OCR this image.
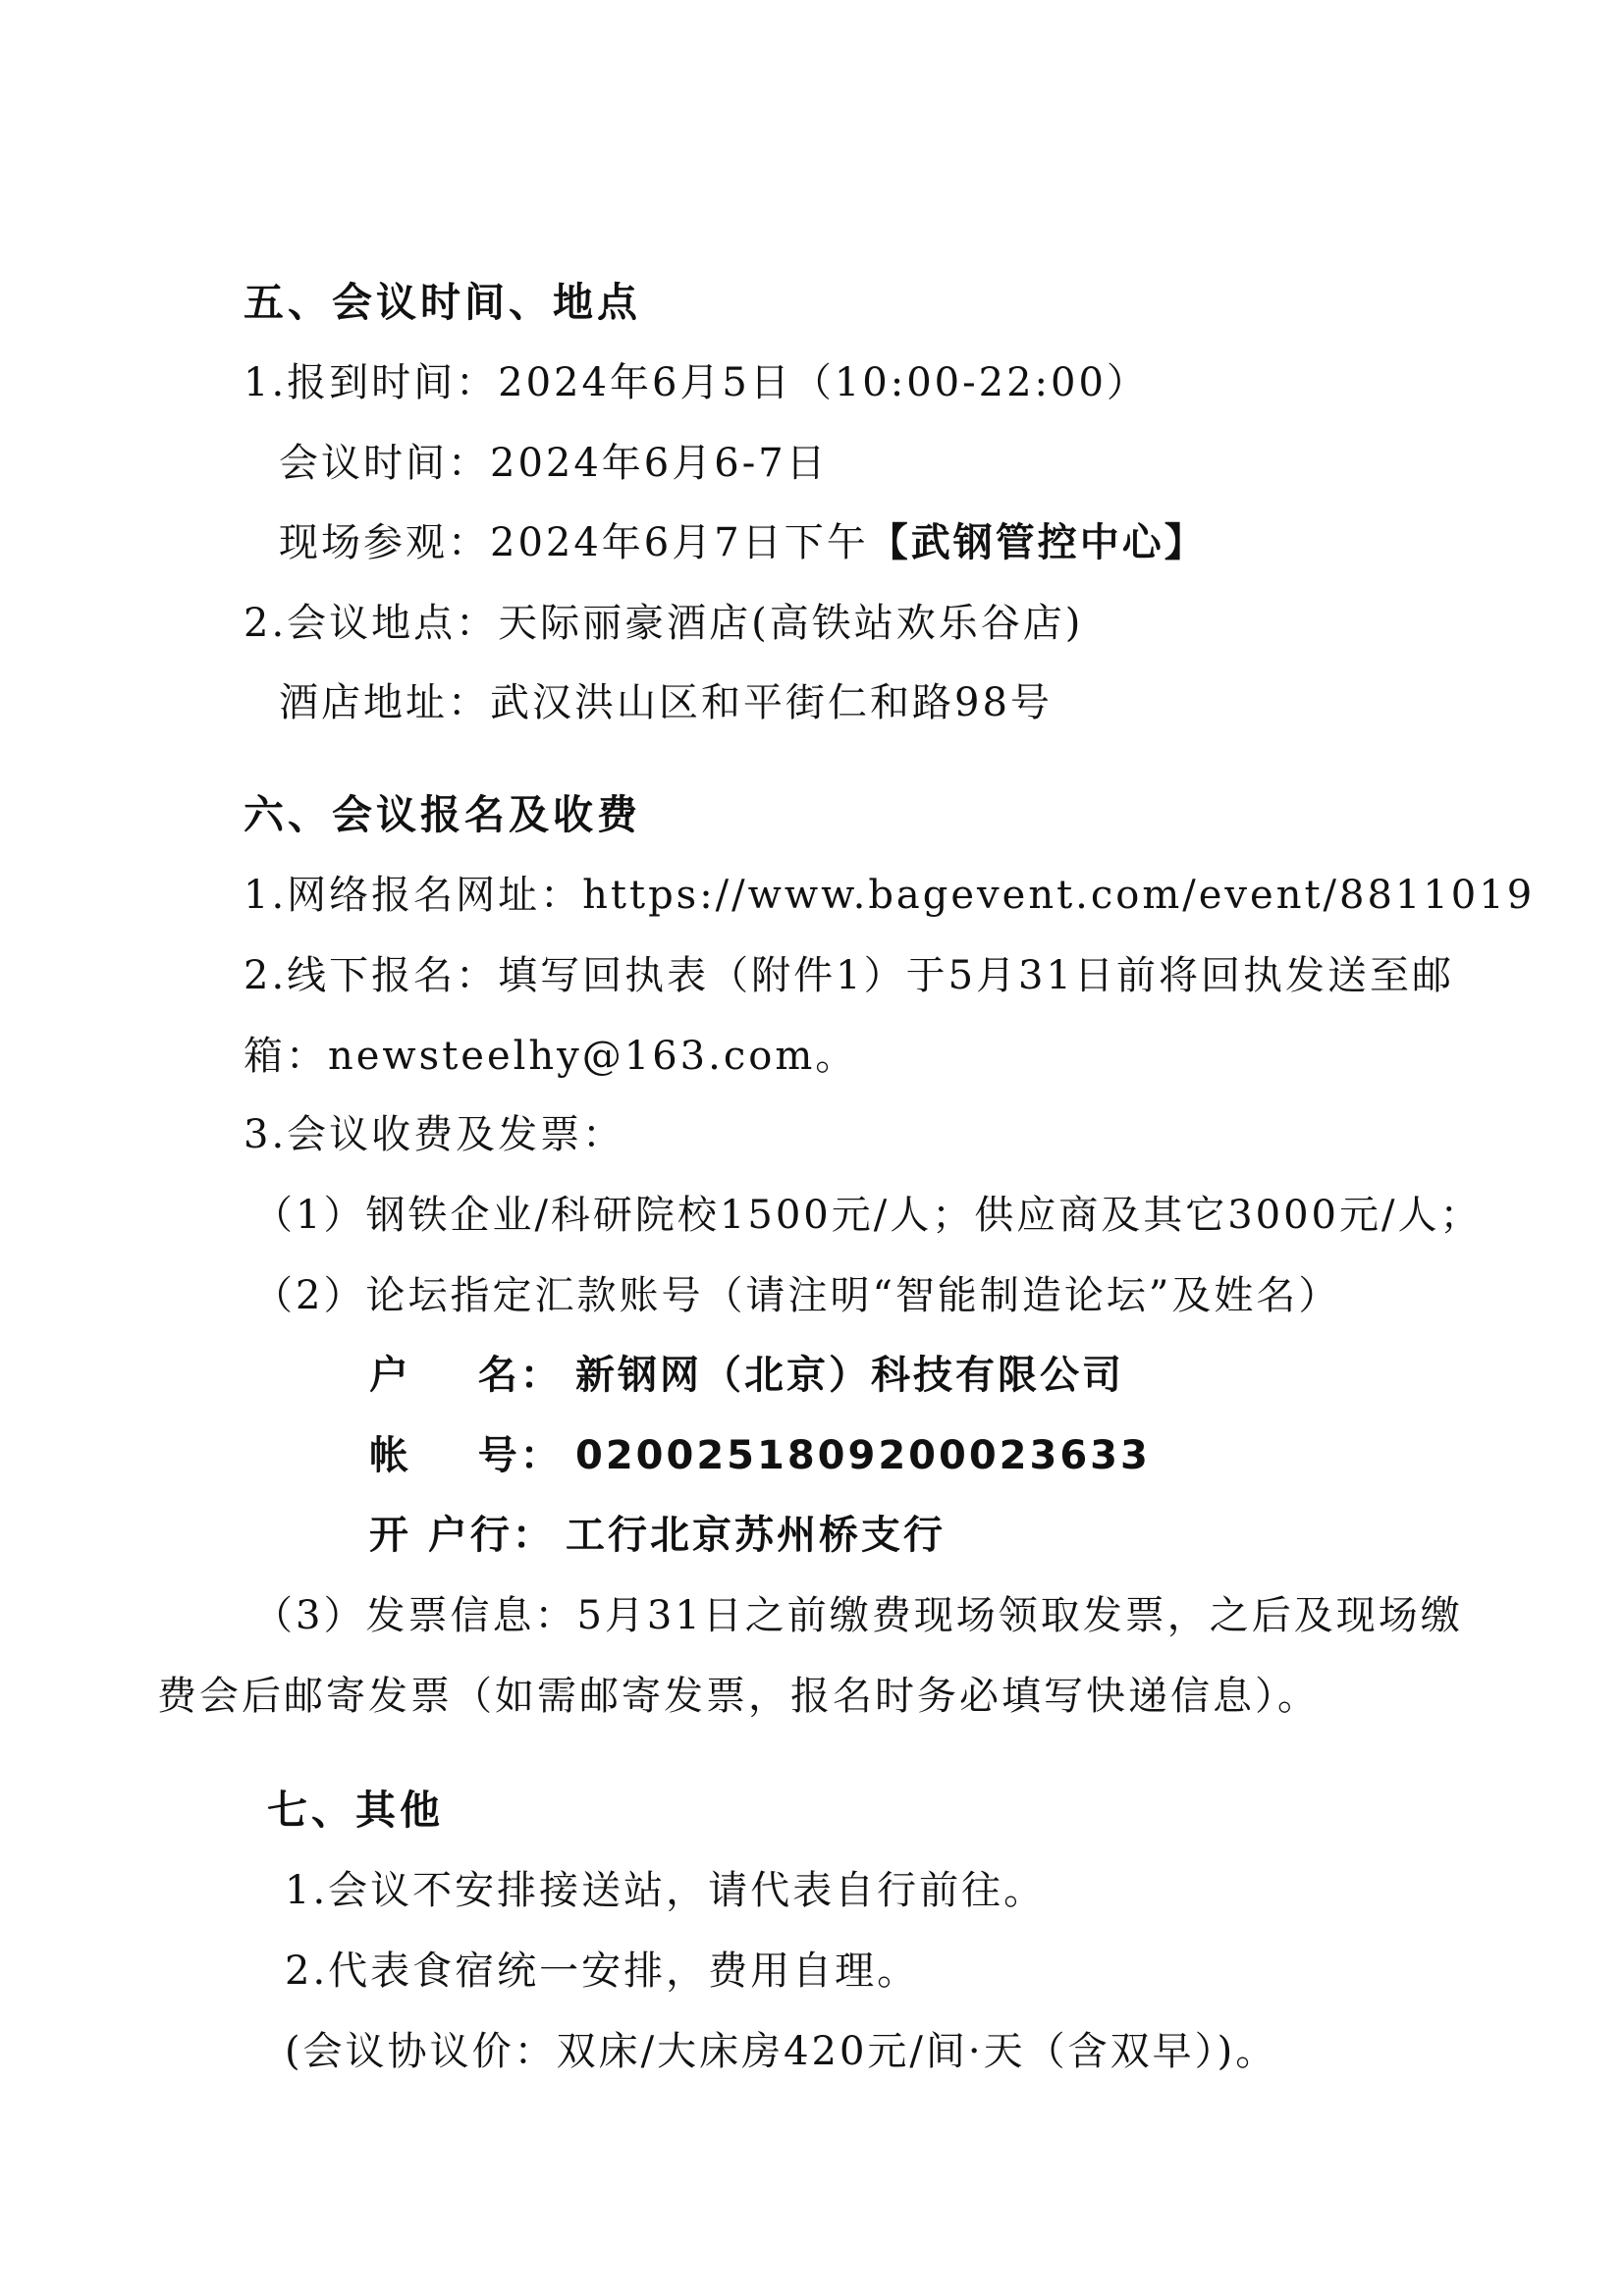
五、会议时间、地点
1.报到时间：2024年6月5日（10:00-22:00）
会议时间：2024年6月6-7日
现场参观：2024年6月7日下午【武钢管控中心】
2.会议地点：天际丽豪酒店(高铁站欢乐谷店)
酒店地址：武汉洪山区和平街仁和路98号
六、会议报名及收费
1.网络报名网址：https://www.bagevent.com/event/8811019
2.线下报名：填写回执表（附件1）于5月31日前将回执发送至邮
箱：newsteelhy@163.com。
3.会议收费及发票：
（1）钢铁企业/科研院校1500元/人；供应商及其它3000元/人；
（2）论坛指定汇款账号（请注明“智能制造论坛”及姓名）
户    名： 新钢网（北京）科技有限公司
帐    号： 0200251809200023633
开 户行： 工行北京苏州桥支行
（3）发票信息：5月31日之前缴费现场领取发票，之后及现场缴
费会后邮寄发票（如需邮寄发票，报名时务必填写快递信息）。
七、其他
1.会议不安排接送站，请代表自行前往。
2.代表食宿统一安排，费用自理。
(会议协议价：双床/大床房420元/间·天（含双早）)。
